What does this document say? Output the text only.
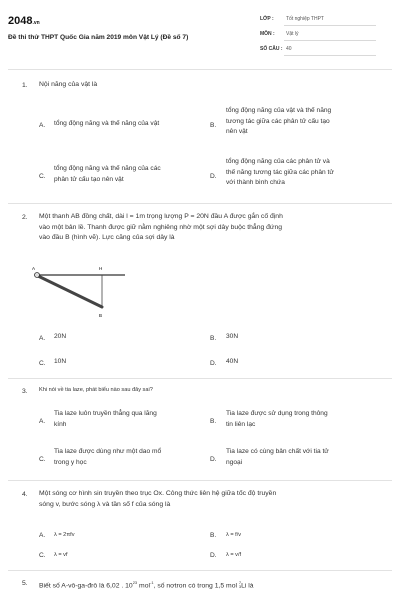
2048.vn
Đề thi thử THPT Quốc Gia năm 2019 môn Vật Lý (Đề số 7)
LỚP : Tốt nghiệp THPT
MÔN : Vật lý
SỐ CÂU : 40
1. Nội năng của vật là
A. tổng động năng và thế năng của vật	B.
tổng động năng của vật và thế năng
tương tác giữa các phân tử cấu tạo
nên vật
C.
tổng động năng và thế năng của các
phân tử cấu tạo nên vật	D.
tổng động năng của các phân tử và
thế năng tương tác giữa các phân tử
với thành bình chứa
2. Một thanh AB đồng chất, dài l = 1m trọng lượng P = 20N đầu A được gắn cố định
vào một bản lề. Thanh được giữ nằm nghiêng nhờ một sợi dây buộc thẳng đứng
vào đầu B (hình vẽ). Lực căng của sợi dây là
A	H
B
A. 20N	B. 30N
C. 10N	D. 40N
3. Khi nói về tia laze, phát biểu nào sau đây sai?
A.
Tia laze luôn truyền thẳng qua lăng
kính	B.
Tia laze được sử dụng trong thông
tin liên lạc
C.
Tia laze được dùng như một dao mổ
trong y học	D.
Tia laze có cùng bản chất với tia tử
ngoại
4. Một sóng cơ hình sin truyền theo trục Ox. Công thức liên hệ giữa tốc độ truyền
sóng v, bước sóng λ và tần số f của sóng là
A. λ = 2πfv	B. λ = f/v
C. λ = vf	D. λ = v/f
5. Biết số A-vô-ga-đrô là 6,02 . $10^{23}$ mol$^{-1}$, số nơtron có trong 1,5 mol 7
3 Li là
